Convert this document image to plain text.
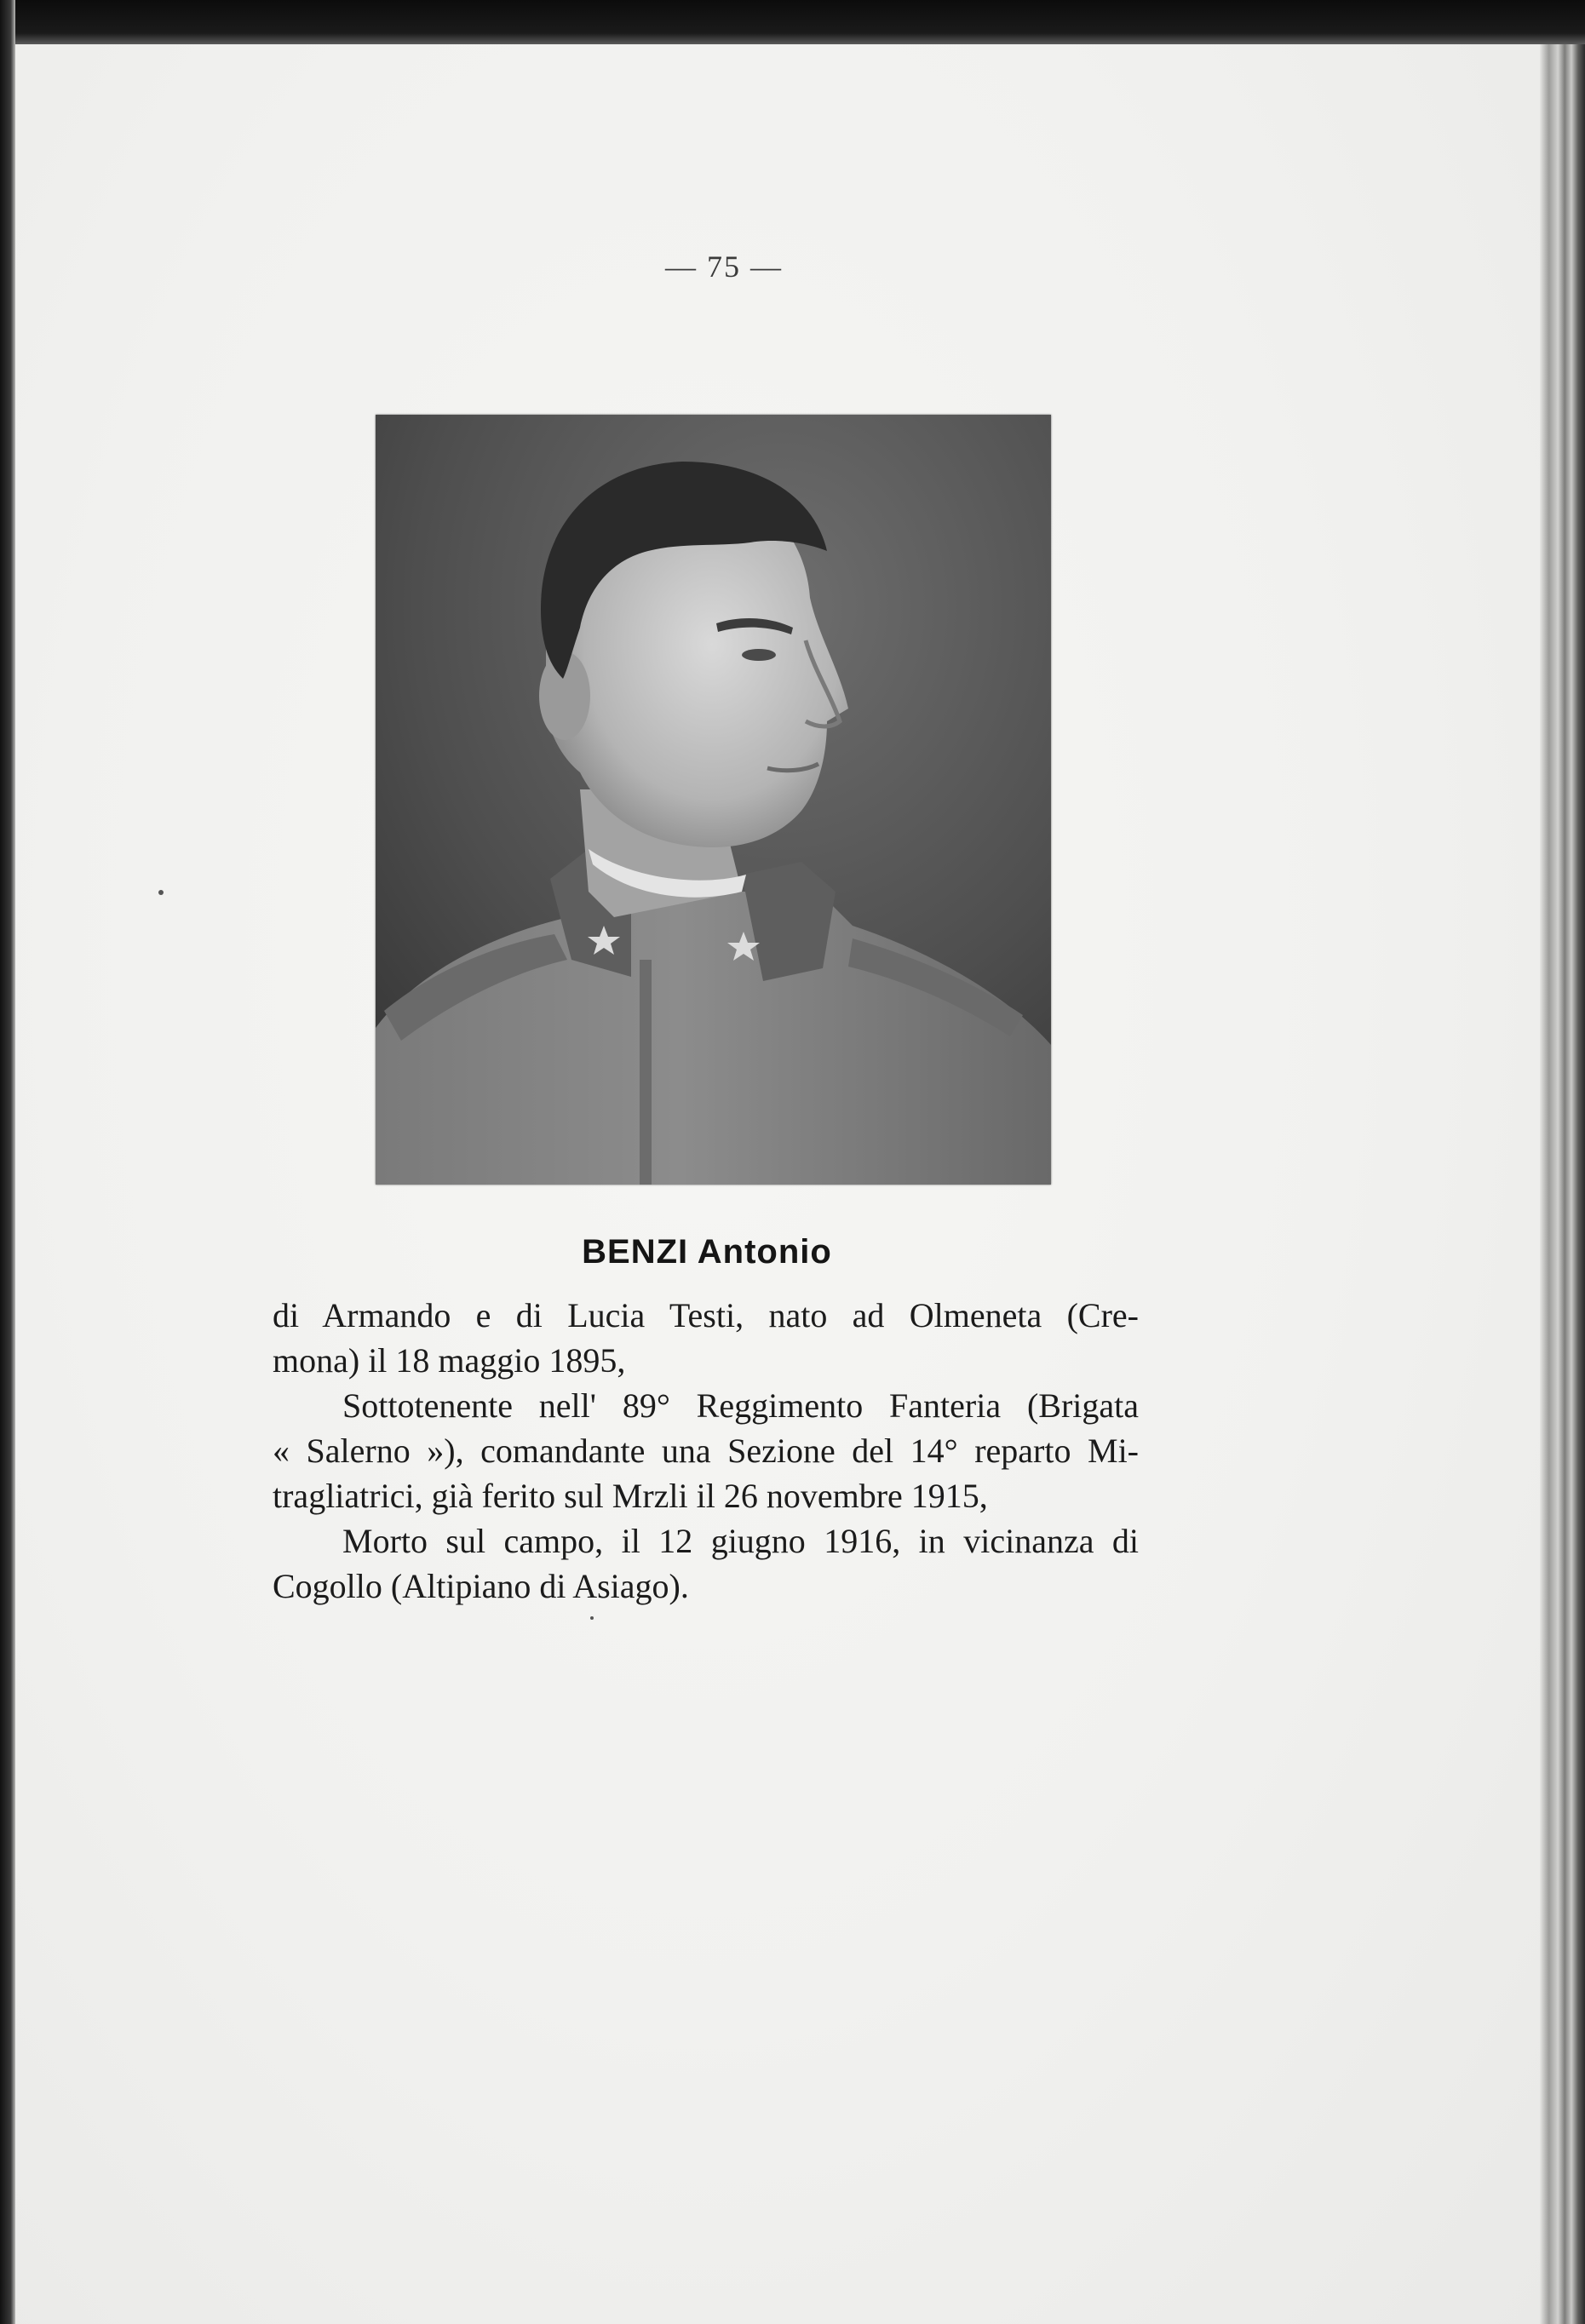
— 75 —
BENZI Antonio

di Armando e di Lucia Testi, nato ad Olmeneta (Cre-
mona) il 18 maggio 1895,

Sottotenente nell' 89° Reggimento Fanteria (Brigata
« Salerno »), comandante una Sezione del 14° reparto Mi-
tragliatrici, già ferito sul Mrzli il 26 novembre 1915,

Morto sul campo, il 12 giugno 1916, in vicinanza di
Cogollo (Altipiano di Asiago).
